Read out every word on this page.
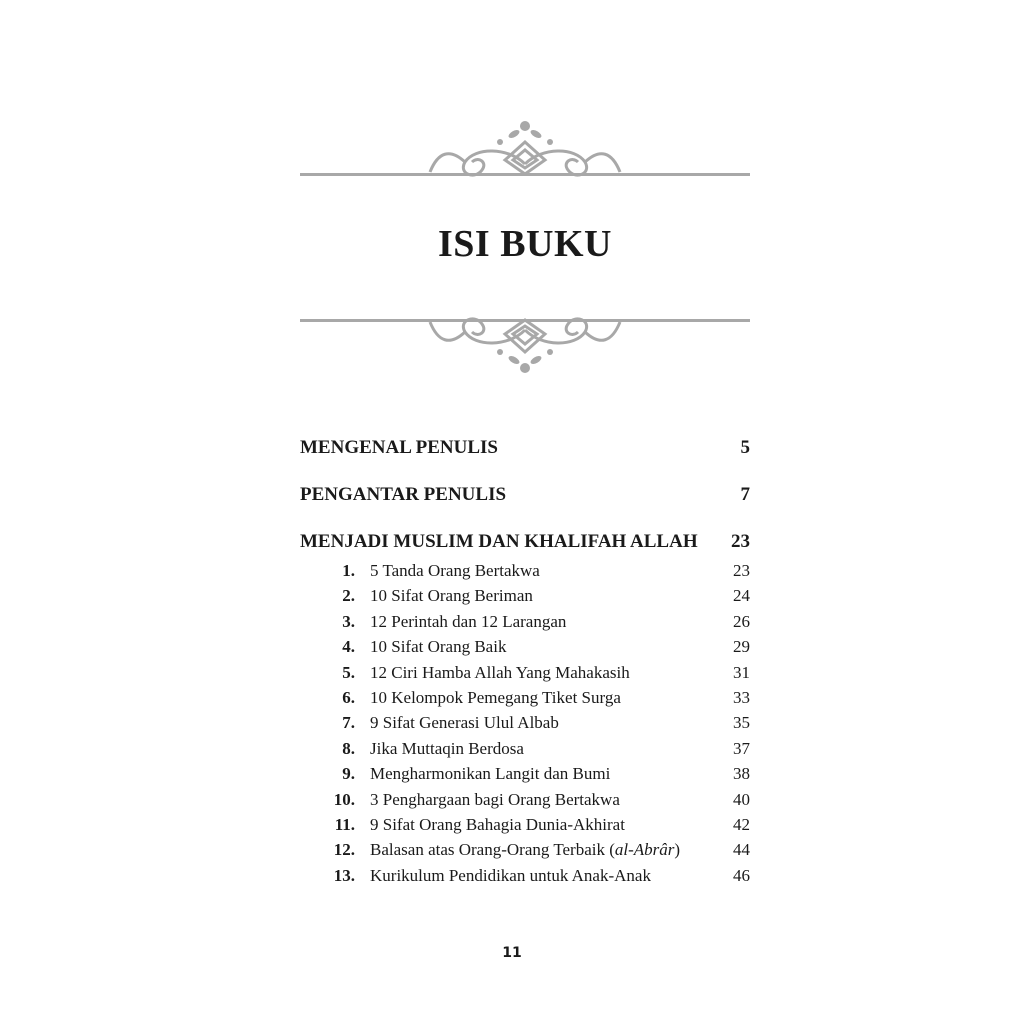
ISI BUKU
MENGENAL PENULIS	5
PENGANTAR PENULIS	7
MENJADI MUSLIM DAN KHALIFAH ALLAH 23
1. 5 Tanda Orang Bertakwa	23
2. 10 Sifat Orang Beriman	24
3. 12 Perintah dan 12 Larangan	26
4. 10 Sifat Orang Baik	29
5. 12 Ciri Hamba Allah Yang Mahakasih	31
6. 10 Kelompok Pemegang Tiket Surga	33
7. 9 Sifat Generasi Ulul Albab	35
8. Jika Muttaqin Berdosa	37
9. Mengharmonikan Langit dan Bumi	38
10. 3 Penghargaan bagi Orang Bertakwa	40
11. 9 Sifat Orang Bahagia Dunia-Akhirat	42
12. Balasan atas Orang-Orang Terbaik (al-Abrâr)	44
13. Kurikulum Pendidikan untuk Anak-Anak	46
11
